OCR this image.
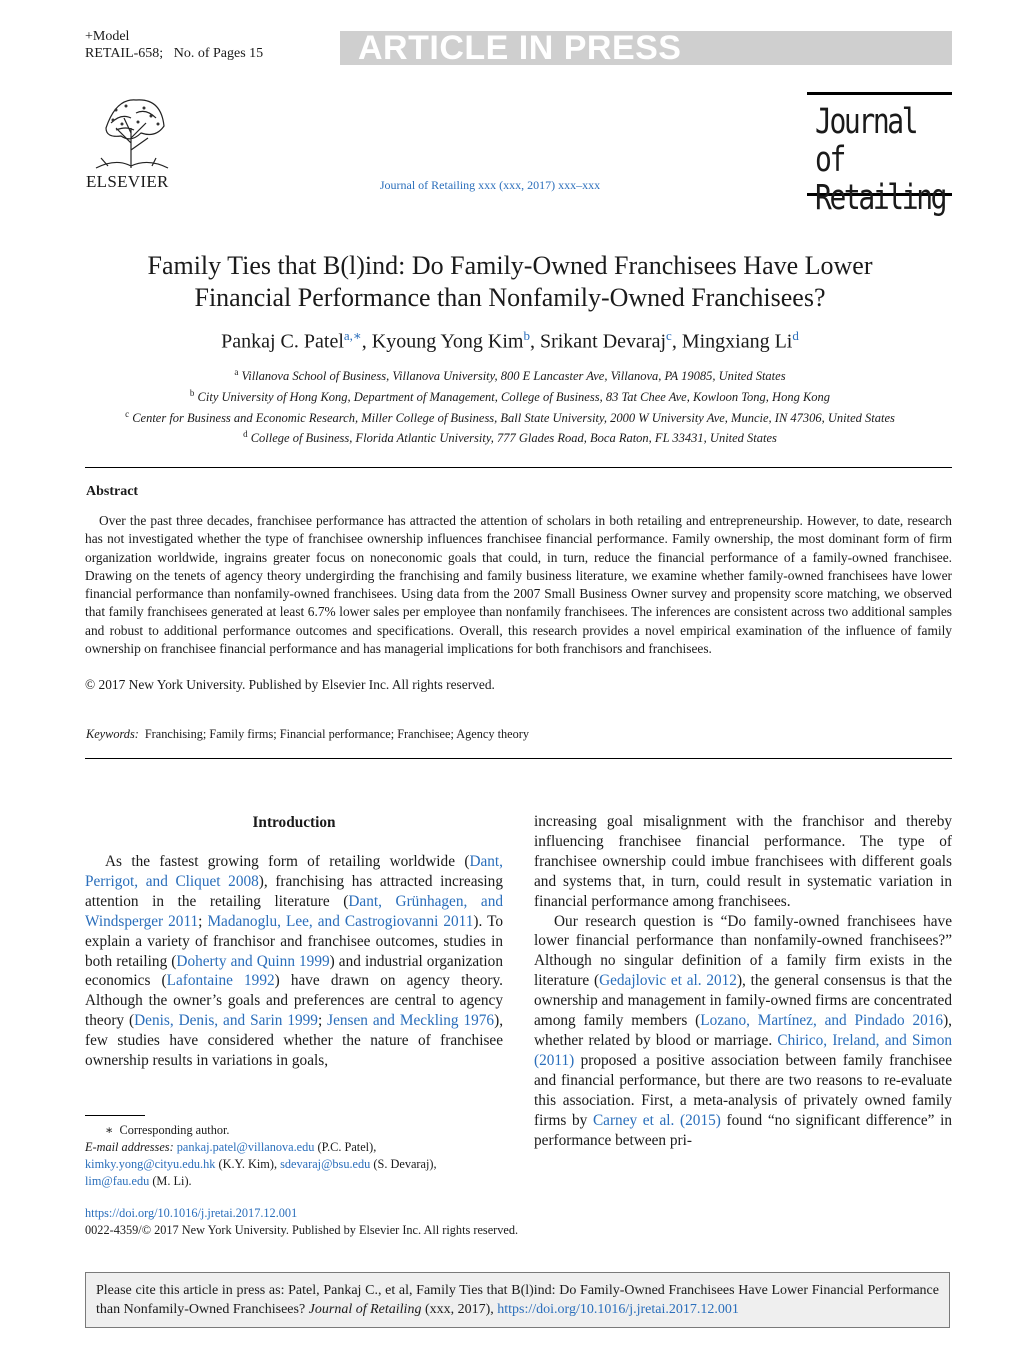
+Model
RETAIL-658; No. of Pages 15	ARTICLE IN PRESS
ELSEVIER	Journal of Retailing xxx (xxx, 2017) xxx–xxx
Journal of
Retailing
Family Ties that B(l)ind: Do Family-Owned Franchisees Have Lower
Financial Performance than Nonfamily-Owned Franchisees?
Pankaj C. Patel$^{a,∗}$, Kyoung Yong Kim$^b$, Srikant Devaraj$^c$, Mingxiang Li$^d$
$^a$ Villanova School of Business, Villanova University, 800 E Lancaster Ave, Villanova, PA 19085, United States
$^b$ City University of Hong Kong, Department of Management, College of Business, 83 Tat Chee Ave, Kowloon Tong, Hong Kong
$^c$ Center for Business and Economic Research, Miller College of Business, Ball State University, 2000 W University Ave, Muncie, IN 47306, United States
$^d$ College of Business, Florida Atlantic University, 777 Glades Road, Boca Raton, FL 33431, United States
Abstract

Over the past three decades, franchisee performance has attracted the attention of scholars in both retailing and entrepreneurship. However, to date, research has not investigated whether the type of franchisee ownership influences franchisee financial performance. Family ownership, the most dominant form of firm organization worldwide, ingrains greater focus on noneconomic goals that could, in turn, reduce the financial performance of a family-owned franchisee. Drawing on the tenets of agency theory undergirding the franchising and family business literature, we examine whether family-owned franchisees have lower financial performance than nonfamily-owned franchisees. Using data from the 2007 Small Business Owner survey and propensity score matching, we observed that family franchisees generated at least 6.7% lower sales per employee than nonfamily franchisees. The inferences are consistent across two additional samples and robust to additional performance outcomes and specifications. Overall, this research provides a novel empirical examination of the influence of family ownership on franchisee financial performance and has managerial implications for both franchisors and franchisees.

© 2017 New York University. Published by Elsevier Inc. All rights reserved.
Keywords: Franchising; Family firms; Financial performance; Franchisee; Agency theory
Introduction

As the fastest growing form of retailing worldwide (Dant, Perrigot, and Cliquet 2008), franchising has attracted increasing attention in the retailing literature (Dant, Grünhagen, and Windsperger 2011; Madanoglu, Lee, and Castrogiovanni 2011). To explain a variety of franchisor and franchisee outcomes, studies in both retailing (Doherty and Quinn 1999) and industrial organization economics (Lafontaine 1992) have drawn on agency theory. Although the owner’s goals and preferences are central to agency theory (Denis, Denis, and Sarin 1999; Jensen and Meckling 1976), few studies have considered whether the nature of franchisee ownership results in variations in goals,

increasing goal misalignment with the franchisor and thereby influencing franchisee financial performance. The type of franchisee ownership could imbue franchisees with different goals and systems that, in turn, could result in systematic variation in financial performance among franchisees.

Our research question is “Do family-owned franchisees have lower financial performance than nonfamily-owned franchisees?” Although no singular definition of a family firm exists in the literature (Gedajlovic et al. 2012), the general consensus is that the ownership and management in family-owned firms are concentrated among family members (Lozano, Martínez, and Pindado 2016), whether related by blood or marriage. Chirico, Ireland, and Simon (2011) proposed a positive association between family franchisee and financial performance, but there are two reasons to re-evaluate this association. First, a meta-analysis of privately owned family firms by Carney et al. (2015) found “no significant difference” in performance between pri-

∗ Corresponding author.
E-mail addresses: pankaj.patel@villanova.edu (P.C. Patel),
kimky.yong@cityu.edu.hk (K.Y. Kim), sdevaraj@bsu.edu (S. Devaraj),
lim@fau.edu (M. Li).
https://doi.org/10.1016/j.jretai.2017.12.001
0022-4359/© 2017 New York University. Published by Elsevier Inc. All rights reserved.
Please cite this article in press as: Patel, Pankaj C., et al, Family Ties that B(l)ind: Do Family-Owned Franchisees Have Lower Financial Performance than Nonfamily-Owned Franchisees? Journal of Retailing (xxx, 2017), https://doi.org/10.1016/j.jretai.2017.12.001
